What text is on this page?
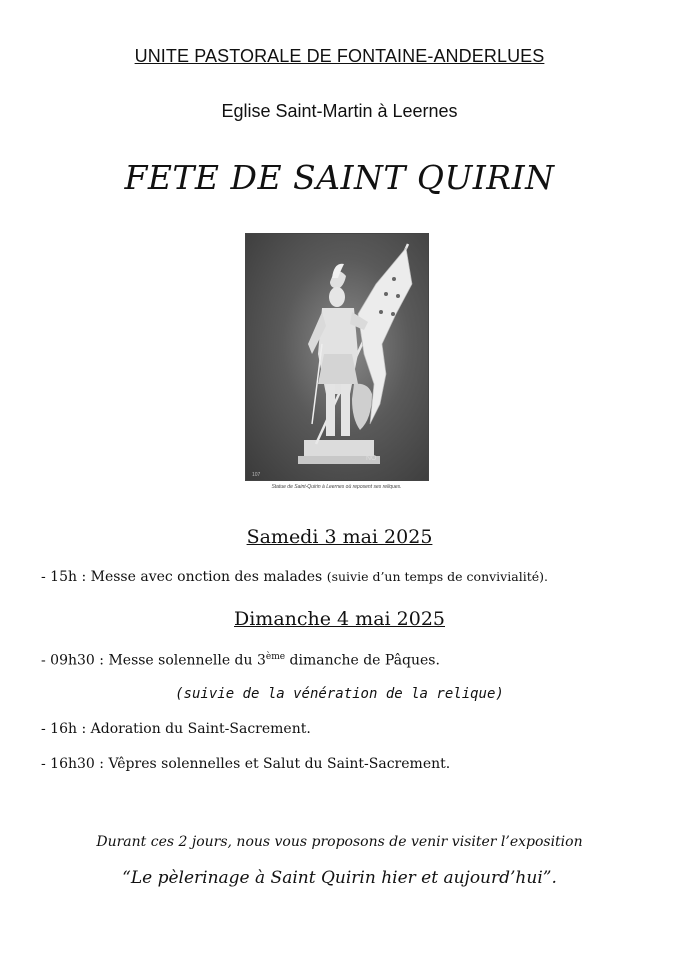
UNITE PASTORALE DE FONTAINE-ANDERLUES
Eglise Saint-Martin à Leernes
FETE DE SAINT QUIRIN
107
NO
Statue de Saint-Quirin à Leernes où reposent ses reliques.
Samedi 3 mai 2025
- 15h : Messe avec onction des malades (suivie d’un temps de convivialité).
Dimanche 4 mai 2025
- 09h30 : Messe solennelle du 3ème dimanche de Pâques.
(suivie de la vénération de la relique)
- 16h : Adoration du Saint-Sacrement.
- 16h30 : Vêpres solennelles et Salut du Saint-Sacrement.
Durant ces 2 jours, nous vous proposons de venir visiter l’exposition
“Le pèlerinage à Saint Quirin hier et aujourd’hui”.
